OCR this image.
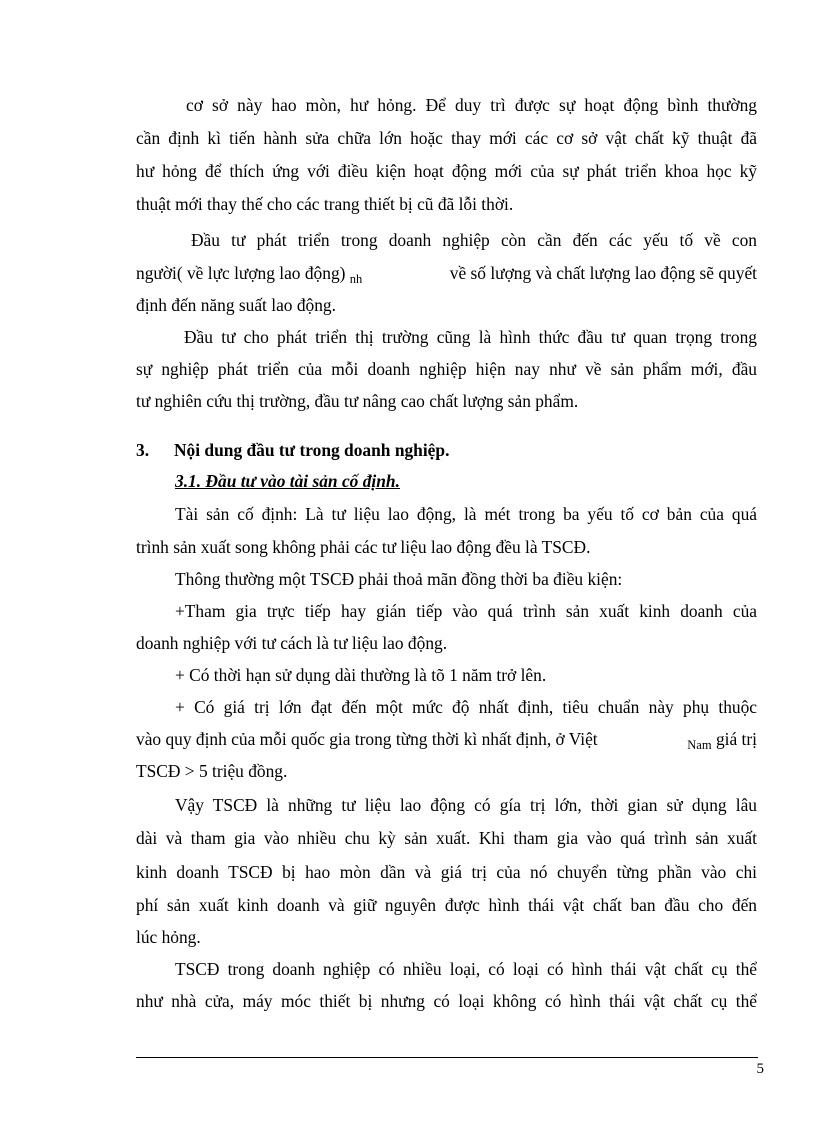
cơ sở này hao mòn, hư hỏng. Để duy trì được sự hoạt động bình thường
cần định kì tiến hành sửa chữa lớn hoặc thay mới các cơ sở vật chất kỹ thuật đã
hư hỏng để thích ứng với điều kiện hoạt động mới của sự phát triển khoa học kỹ
thuật mới thay thế cho các trang thiết bị cũ đã lỗi thời.
Đầu tư phát triển trong doanh nghiệp còn cần đến các yếu tố về con
người( về lực lượng lao động) $_{nh}$	về số lượng và chất lượng lao động sẽ quyết
định đến năng suất lao động.
Đầu tư cho phát triển thị trường cũng là hình thức đầu tư quan trọng trong
sự nghiệp phát triển của mỗi doanh nghiệp hiện nay như về sản phẩm mới, đầu
tư nghiên cứu thị trường, đầu tư nâng cao chất lượng sản phẩm.
3. Nội dung đầu tư trong doanh nghiệp.
3.1. Đầu tư vào tài sản cố định.
Tài sản cố định: Là tư liệu lao động, là mét trong ba yếu tố cơ bản của quá
trình sản xuất song không phải các tư liệu lao động đều là TSCĐ.
Thông thường một TSCĐ phải thoả mãn đồng thời ba điều kiện:
+Tham gia trực tiếp hay gián tiếp vào quá trình sản xuất kinh doanh của
doanh nghiệp với tư cách là tư liệu lao động.
+ Có thời hạn sử dụng dài thường là tõ 1 năm trở lên.
+ Có giá trị lớn đạt đến một mức độ nhất định, tiêu chuẩn này phụ thuộc
vào quy định của mỗi quốc gia trong từng thời kì nhất định, ở Việt	$_{Nam}$ giá trị
TSCĐ > 5 triệu đồng.
Vậy TSCĐ là những tư liệu lao động có gía trị lớn, thời gian sử dụng lâu
dài và tham gia vào nhiều chu kỳ sản xuất. Khi tham gia vào quá trình sản xuất
kinh doanh TSCĐ bị hao mòn dần và giá trị của nó chuyển từng phần vào chi
phí sản xuất kinh doanh và giữ nguyên được hình thái vật chất ban đầu cho đến
lúc hỏng.
TSCĐ trong doanh nghiệp có nhiều loại, có loại có hình thái vật chất cụ thể
như nhà cửa, máy móc thiết bị nhưng có loại không có hình thái vật chất cụ thể
5
